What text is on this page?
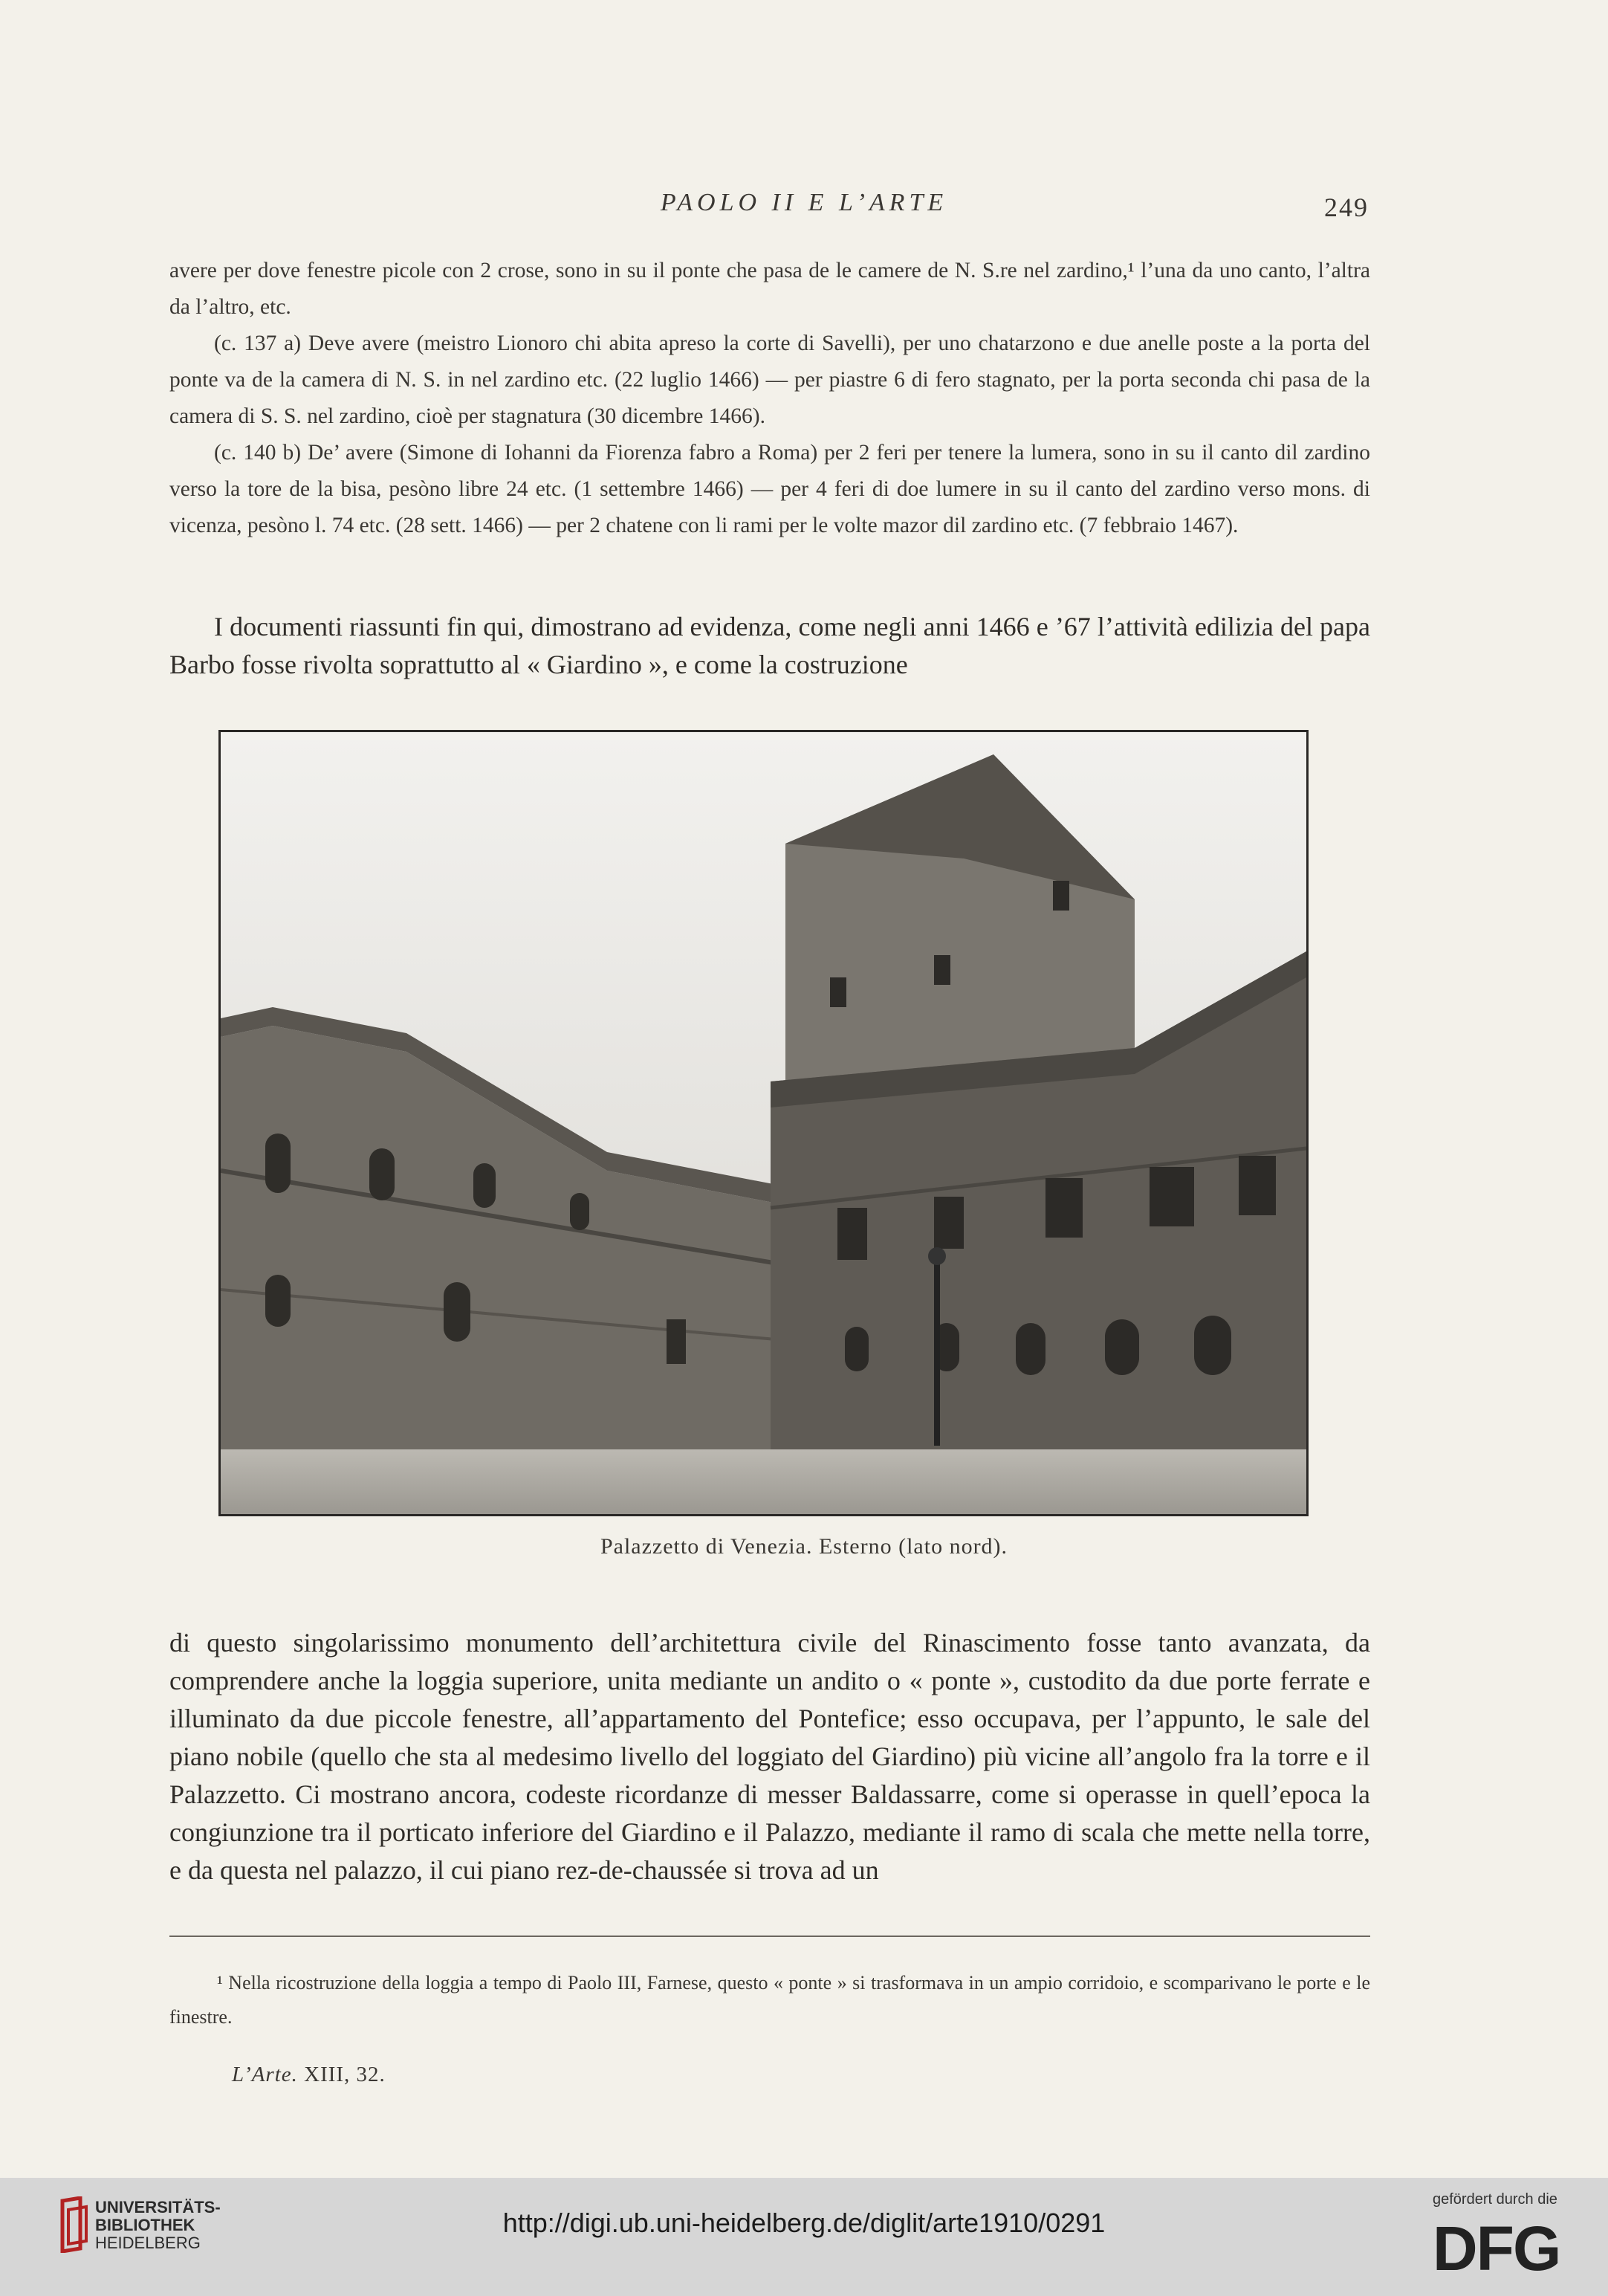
PAOLO II E L’ARTE	249

avere per dove fenestre picole con 2 crose, sono in su il ponte che pasa de le camere de N. S.re nel zardino,¹ l’una da uno canto, l’altra da l’altro, etc.

(c. 137 a) Deve avere (meistro Lionoro chi abita apreso la corte di Savelli), per uno chatarzono e due anelle poste a la porta del ponte va de la camera di N. S. in nel zardino etc. (22 luglio 1466) — per piastre 6 di fero stagnato, per la porta seconda chi pasa de la camera di S. S. nel zardino, cioè per stagnatura (30 dicembre 1466).

(c. 140 b) De’ avere (Simone di Iohanni da Fiorenza fabro a Roma) per 2 feri per tenere la lumera, sono in su il canto dil zardino verso la tore de la bisa, pesòno libre 24 etc. (1 settembre 1466) — per 4 feri di doe lumere in su il canto del zardino verso mons. di vicenza, pesòno l. 74 etc. (28 sett. 1466) — per 2 chatene con li rami per le volte mazor dil zardino etc. (7 febbraio 1467).

I documenti riassunti fin qui, dimostrano ad evidenza, come negli anni 1466 e ’67 l’attività edilizia del papa Barbo fosse rivolta soprattutto al « Giardino », e come la costruzione

Palazzetto di Venezia. Esterno (lato nord).

di questo singolarissimo monumento dell’architettura civile del Rinascimento fosse tanto avanzata, da comprendere anche la loggia superiore, unita mediante un andito o « ponte », custodito da due porte ferrate e illuminato da due piccole fenestre, all’appartamento del Pontefice; esso occupava, per l’appunto, le sale del piano nobile (quello che sta al medesimo livello del loggiato del Giardino) più vicine all’angolo fra la torre e il Palazzetto. Ci mostrano ancora, codeste ricordanze di messer Baldassarre, come si operasse in quell’epoca la congiunzione tra il porticato inferiore del Giardino e il Palazzo, mediante il ramo di scala che mette nella torre, e da questa nel palazzo, il cui piano rez-de-chaussée si trova ad un

¹ Nella ricostruzione della loggia a tempo di Paolo III, Farnese, questo « ponte » si trasformava in un ampio corridoio, e scomparivano le porte e le finestre.
L’Arte. XIII, 32.
UNIVERSITÄTS-
BIBLIOTHEK
HEIDELBERG
http://digi.ub.uni-heidelberg.de/diglit/arte1910/0291
gefördert durch die
DFG
